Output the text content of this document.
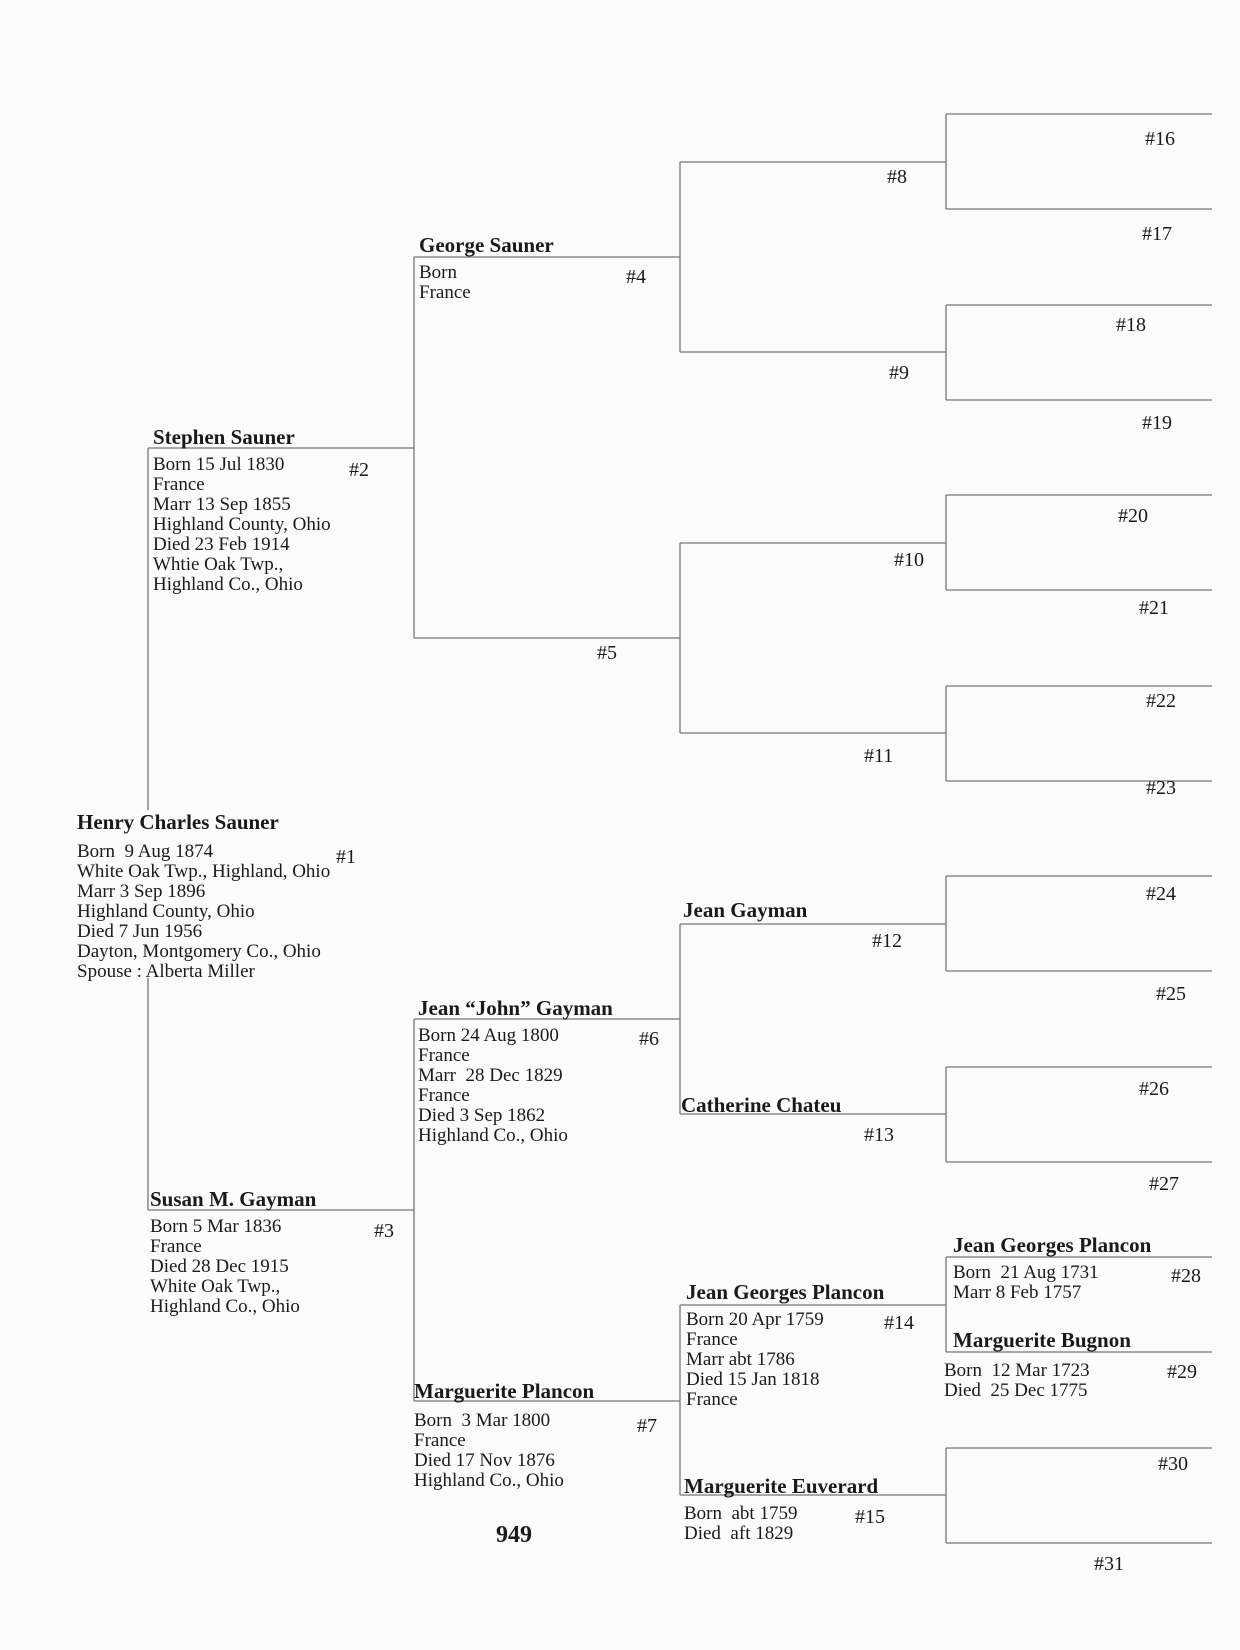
Henry Charles Sauner
Born  9 Aug 1874
White Oak Twp., Highland, Ohio
Marr 3 Sep 1896
Highland County, Ohio
Died 7 Jun 1956
Dayton, Montgomery Co., Ohio
Spouse : Alberta Miller
#1
Stephen Sauner
Born 15 Jul 1830
France
Marr 13 Sep 1855
Highland County, Ohio
Died 23 Feb 1914
Whtie Oak Twp.,
Highland Co., Ohio
#2
Susan M. Gayman
Born 5 Mar 1836
France
Died 28 Dec 1915
White Oak Twp.,
Highland Co., Ohio
#3
George Sauner
Born
France
#4
#5
Jean “John” Gayman
Born 24 Aug 1800
France
Marr  28 Dec 1829
France
Died 3 Sep 1862
Highland Co., Ohio
#6
Marguerite Plancon
Born  3 Mar 1800
France
Died 17 Nov 1876
Highland Co., Ohio
#7
#8
#9
#10
#11
Jean Gayman
#12
Catherine Chateu
#13
Jean Georges Plancon
Born 20 Apr 1759
France
Marr abt 1786
Died 15 Jan 1818
France
#14
Marguerite Euverard
Born  abt 1759
Died  aft 1829
#15
#16
#17
#18
#19
#20
#21
#22
#23
#24
#25
#26
#27
Jean Georges Plancon
Born  21 Aug 1731
Marr 8 Feb 1757
#28
Marguerite Bugnon
Born  12 Mar 1723
Died  25 Dec 1775
#29
#30
#31
949
